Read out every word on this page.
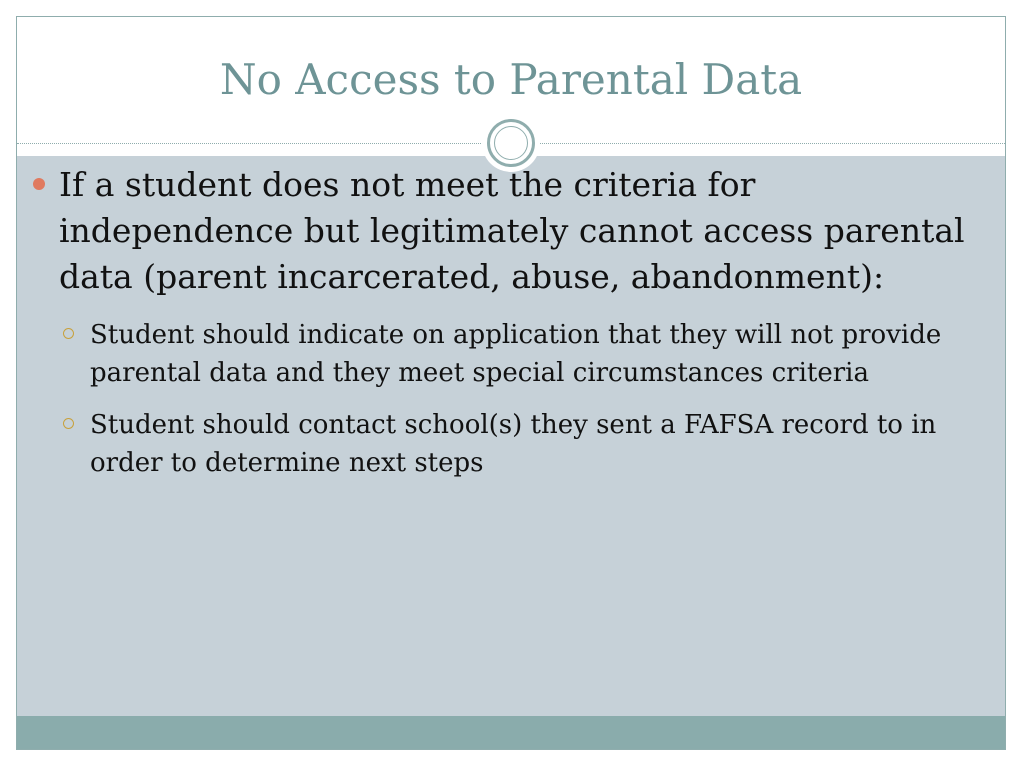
No Access to Parental Data
If a student does not meet the criteria for independence but legitimately cannot access parental data (parent incarcerated, abuse, abandonment):
Student should indicate on application that they will not provide parental data and they meet special circumstances criteria
Student should contact school(s) they sent a FAFSA record to in order to determine next steps
